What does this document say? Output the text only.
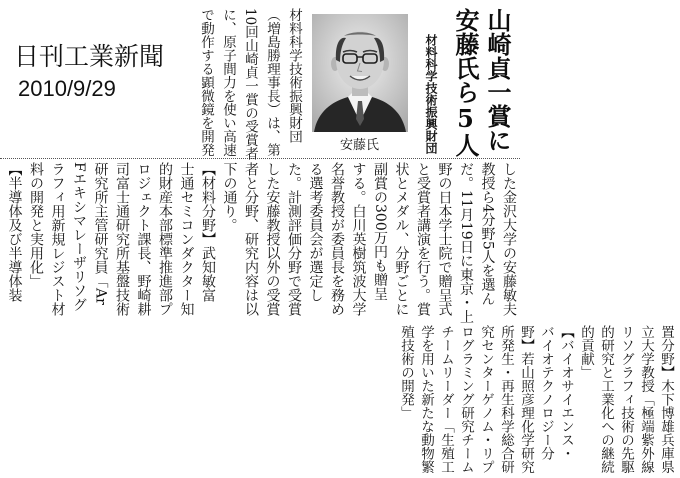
日刊工業新聞
2010/9/29	山崎貞一賞に
安藤氏ら5人
材料科学技術振興財団
安藤氏
材料科学技術振興財団
（増島勝理事長）は、第
10回山崎貞一賞の受賞者
に、原子間力を使い高速
で動作する顕微鏡を開発
した金沢大学の安藤敏夫
教授ら4分野5人を選ん
だ。11月19日に東京・上
野の日本学士院で贈呈式
と受賞者講演を行う。賞
状とメダル、分野ごとに
副賞の300万円も贈呈
する。白川英樹筑波大学
名誉教授が委員長を務め
る選考委員会が選定し
た。計測評価分野で受賞
した安藤教授以外の受賞
者と分野、研究内容は以
下の通り。
【材料分野】武知敏富
士通セミコンダクター知
的財産本部標準推進部プ
ロジェクト課長、野崎耕
司富士通研究所基盤技術
研究所主管研究員「Ar
Fエキシマレーザリソグ
ラフィ用新規レジスト材
料の開発と実用化」
【半導体及び半導体装
置分野】木下博雄兵庫県
立大学教授「極端紫外線
リソグラフィ技術の先駆
的研究と工業化への継続
的貢献」
【バイオサイエンス・
バイオテクノロジー分
野】若山照彦理化学研究
所発生・再生科学総合研
究センターゲノム・リプ
ログラミング研究チーム
チームリーダー「生殖工
学を用いた新たな動物繁
殖技術の開発」
